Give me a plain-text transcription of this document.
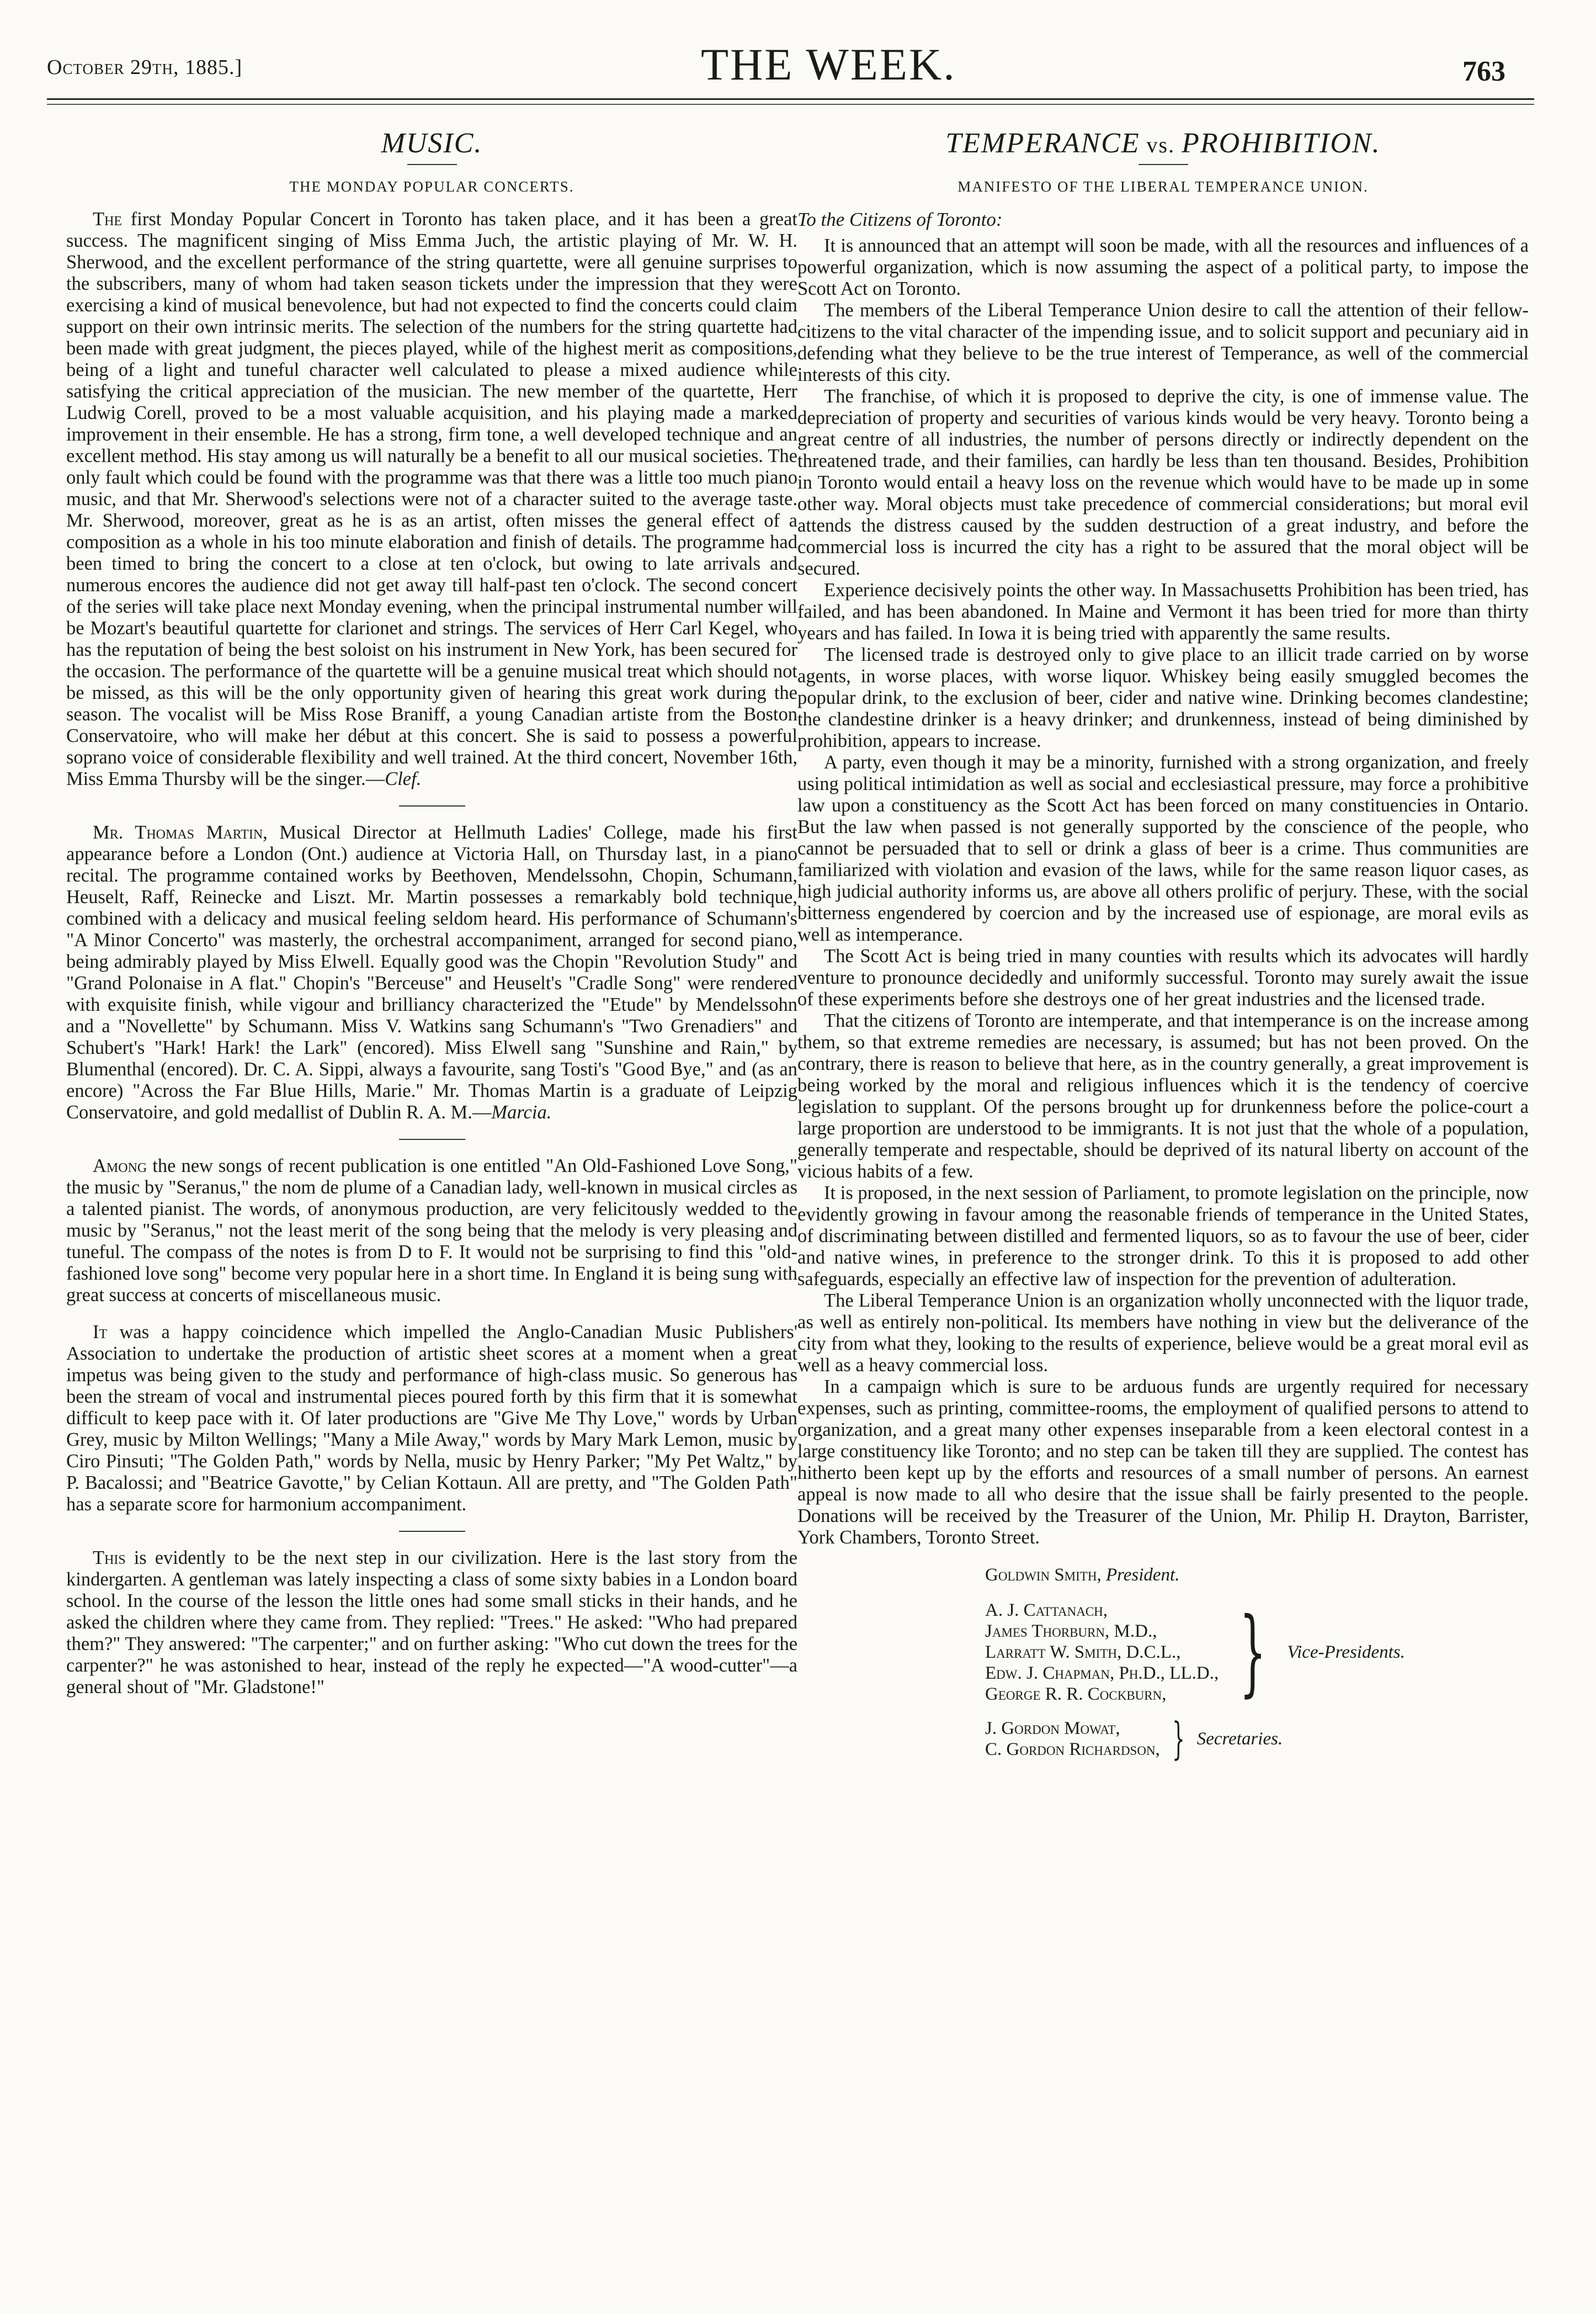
October 29th, 1885.]	THE WEEK.	763
MUSIC.
THE MONDAY POPULAR CONCERTS.

The first Monday Popular Concert in Toronto has taken place, and it has been a great success. The magnificent singing of Miss Emma Juch, the artistic playing of Mr. W. H. Sherwood, and the excellent performance of the string quartette, were all genuine surprises to the subscribers, many of whom had taken season tickets under the impression that they were exercising a kind of musical benevolence, but had not expected to find the concerts could claim support on their own intrinsic merits. The selection of the numbers for the string quartette had been made with great judgment, the pieces played, while of the highest merit as compositions, being of a light and tuneful character well calculated to please a mixed audience while satisfying the critical appreciation of the musician. The new member of the quartette, Herr Ludwig Corell, proved to be a most valuable acquisition, and his playing made a marked improvement in their ensemble. He has a strong, firm tone, a well developed technique and an excellent method. His stay among us will naturally be a benefit to all our musical societies. The only fault which could be found with the programme was that there was a little too much piano music, and that Mr. Sherwood's selections were not of a character suited to the average taste. Mr. Sherwood, moreover, great as he is as an artist, often misses the general effect of a composition as a whole in his too minute elaboration and finish of details. The programme had been timed to bring the concert to a close at ten o'clock, but owing to late arrivals and numerous encores the audience did not get away till half-past ten o'clock. The second concert of the series will take place next Monday evening, when the principal instrumental number will be Mozart's beautiful quartette for clarionet and strings. The services of Herr Carl Kegel, who has the reputation of being the best soloist on his instrument in New York, has been secured for the occasion. The performance of the quartette will be a genuine musical treat which should not be missed, as this will be the only opportunity given of hearing this great work during the season. The vocalist will be Miss Rose Braniff, a young Canadian artiste from the Boston Conservatoire, who will make her début at this concert. She is said to possess a powerful soprano voice of considerable flexibility and well trained. At the third concert, November 16th, Miss Emma Thursby will be the singer.—Clef.

Mr. Thomas Martin, Musical Director at Hellmuth Ladies' College, made his first appearance before a London (Ont.) audience at Victoria Hall, on Thursday last, in a piano recital. The programme contained works by Beethoven, Mendelssohn, Chopin, Schumann, Heuselt, Raff, Reinecke and Liszt. Mr. Martin possesses a remarkably bold technique, combined with a delicacy and musical feeling seldom heard. His performance of Schumann's "A Minor Concerto" was masterly, the orchestral accompaniment, arranged for second piano, being admirably played by Miss Elwell. Equally good was the Chopin "Revolution Study" and "Grand Polonaise in A flat." Chopin's "Berceuse" and Heuselt's "Cradle Song" were rendered with exquisite finish, while vigour and brilliancy characterized the "Etude" by Mendelssohn and a "Novellette" by Schumann. Miss V. Watkins sang Schumann's "Two Grenadiers" and Schubert's "Hark! Hark! the Lark" (encored). Miss Elwell sang "Sunshine and Rain," by Blumenthal (encored). Dr. C. A. Sippi, always a favourite, sang Tosti's "Good Bye," and (as an encore) "Across the Far Blue Hills, Marie." Mr. Thomas Martin is a graduate of Leipzig Conservatoire, and gold medallist of Dublin R. A. M.—Marcia.

Among the new songs of recent publication is one entitled "An Old-Fashioned Love Song," the music by "Seranus," the nom de plume of a Canadian lady, well-known in musical circles as a talented pianist. The words, of anonymous production, are very felicitously wedded to the music by "Seranus," not the least merit of the song being that the melody is very pleasing and tuneful. The compass of the notes is from D to F. It would not be surprising to find this "old-fashioned love song" become very popular here in a short time. In England it is being sung with great success at concerts of miscellaneous music.

It was a happy coincidence which impelled the Anglo-Canadian Music Publishers' Association to undertake the production of artistic sheet scores at a moment when a great impetus was being given to the study and performance of high-class music. So generous has been the stream of vocal and instrumental pieces poured forth by this firm that it is somewhat difficult to keep pace with it. Of later productions are "Give Me Thy Love," words by Urban Grey, music by Milton Wellings; "Many a Mile Away," words by Mary Mark Lemon, music by Ciro Pinsuti; "The Golden Path," words by Nella, music by Henry Parker; "My Pet Waltz," by P. Bacalossi; and "Beatrice Gavotte," by Celian Kottaun. All are pretty, and "The Golden Path" has a separate score for harmonium accompaniment.

This is evidently to be the next step in our civilization. Here is the last story from the kindergarten. A gentleman was lately inspecting a class of some sixty babies in a London board school. In the course of the lesson the little ones had some small sticks in their hands, and he asked the children where they came from. They replied: "Trees." He asked: "Who had prepared them?" They answered: "The carpenter;" and on further asking: "Who cut down the trees for the carpenter?" he was astonished to hear, instead of the reply he expected—"A wood-cutter"—a general shout of "Mr. Gladstone!"

TEMPERANCE vs. PROHIBITION.
MANIFESTO OF THE LIBERAL TEMPERANCE UNION.
To the Citizens of Toronto:

It is announced that an attempt will soon be made, with all the resources and influences of a powerful organization, which is now assuming the aspect of a political party, to impose the Scott Act on Toronto.

The members of the Liberal Temperance Union desire to call the attention of their fellow-citizens to the vital character of the impending issue, and to solicit support and pecuniary aid in defending what they believe to be the true interest of Temperance, as well of the commercial interests of this city.

The franchise, of which it is proposed to deprive the city, is one of immense value. The depreciation of property and securities of various kinds would be very heavy. Toronto being a great centre of all industries, the number of persons directly or indirectly dependent on the threatened trade, and their families, can hardly be less than ten thousand. Besides, Prohibition in Toronto would entail a heavy loss on the revenue which would have to be made up in some other way. Moral objects must take precedence of commercial considerations; but moral evil attends the distress caused by the sudden destruction of a great industry, and before the commercial loss is incurred the city has a right to be assured that the moral object will be secured.

Experience decisively points the other way. In Massachusetts Prohibition has been tried, has failed, and has been abandoned. In Maine and Vermont it has been tried for more than thirty years and has failed. In Iowa it is being tried with apparently the same results.

The licensed trade is destroyed only to give place to an illicit trade carried on by worse agents, in worse places, with worse liquor. Whiskey being easily smuggled becomes the popular drink, to the exclusion of beer, cider and native wine. Drinking becomes clandestine; the clandestine drinker is a heavy drinker; and drunkenness, instead of being diminished by prohibition, appears to increase.

A party, even though it may be a minority, furnished with a strong organization, and freely using political intimidation as well as social and ecclesiastical pressure, may force a prohibitive law upon a constituency as the Scott Act has been forced on many constituencies in Ontario. But the law when passed is not generally supported by the conscience of the people, who cannot be persuaded that to sell or drink a glass of beer is a crime. Thus communities are familiarized with violation and evasion of the laws, while for the same reason liquor cases, as high judicial authority informs us, are above all others prolific of perjury. These, with the social bitterness engendered by coercion and by the increased use of espionage, are moral evils as well as intemperance.

The Scott Act is being tried in many counties with results which its advocates will hardly venture to pronounce decidedly and uniformly successful. Toronto may surely await the issue of these experiments before she destroys one of her great industries and the licensed trade.

That the citizens of Toronto are intemperate, and that intemperance is on the increase among them, so that extreme remedies are necessary, is assumed; but has not been proved. On the contrary, there is reason to believe that here, as in the country generally, a great improvement is being worked by the moral and religious influences which it is the tendency of coercive legislation to supplant. Of the persons brought up for drunkenness before the police-court a large proportion are understood to be immigrants. It is not just that the whole of a population, generally temperate and respectable, should be deprived of its natural liberty on account of the vicious habits of a few.

It is proposed, in the next session of Parliament, to promote legislation on the principle, now evidently growing in favour among the reasonable friends of temperance in the United States, of discriminating between distilled and fermented liquors, so as to favour the use of beer, cider and native wines, in preference to the stronger drink. To this it is proposed to add other safeguards, especially an effective law of inspection for the prevention of adulteration.

The Liberal Temperance Union is an organization wholly unconnected with the liquor trade, as well as entirely non-political. Its members have nothing in view but the deliverance of the city from what they, looking to the results of experience, believe would be a great moral evil as well as a heavy commercial loss.

In a campaign which is sure to be arduous funds are urgently required for necessary expenses, such as printing, committee-rooms, the employment of qualified persons to attend to organization, and a great many other expenses inseparable from a keen electoral contest in a large constituency like Toronto; and no step can be taken till they are supplied. The contest has hitherto been kept up by the efforts and resources of a small number of persons. An earnest appeal is now made to all who desire that the issue shall be fairly presented to the people. Donations will be received by the Treasurer of the Union, Mr. Philip H. Drayton, Barrister, York Chambers, Toronto Street.

Goldwin Smith, President.
A. J. Cattanach,
James Thorburn, M.D.,
Larratt W. Smith, D.C.L.,
Edw. J. Chapman, Ph.D., LL.D.,
George R. R. Cockburn, } Vice-Presidents.
J. Gordon Mowat,
C. Gordon Richardson, } Secretaries.
